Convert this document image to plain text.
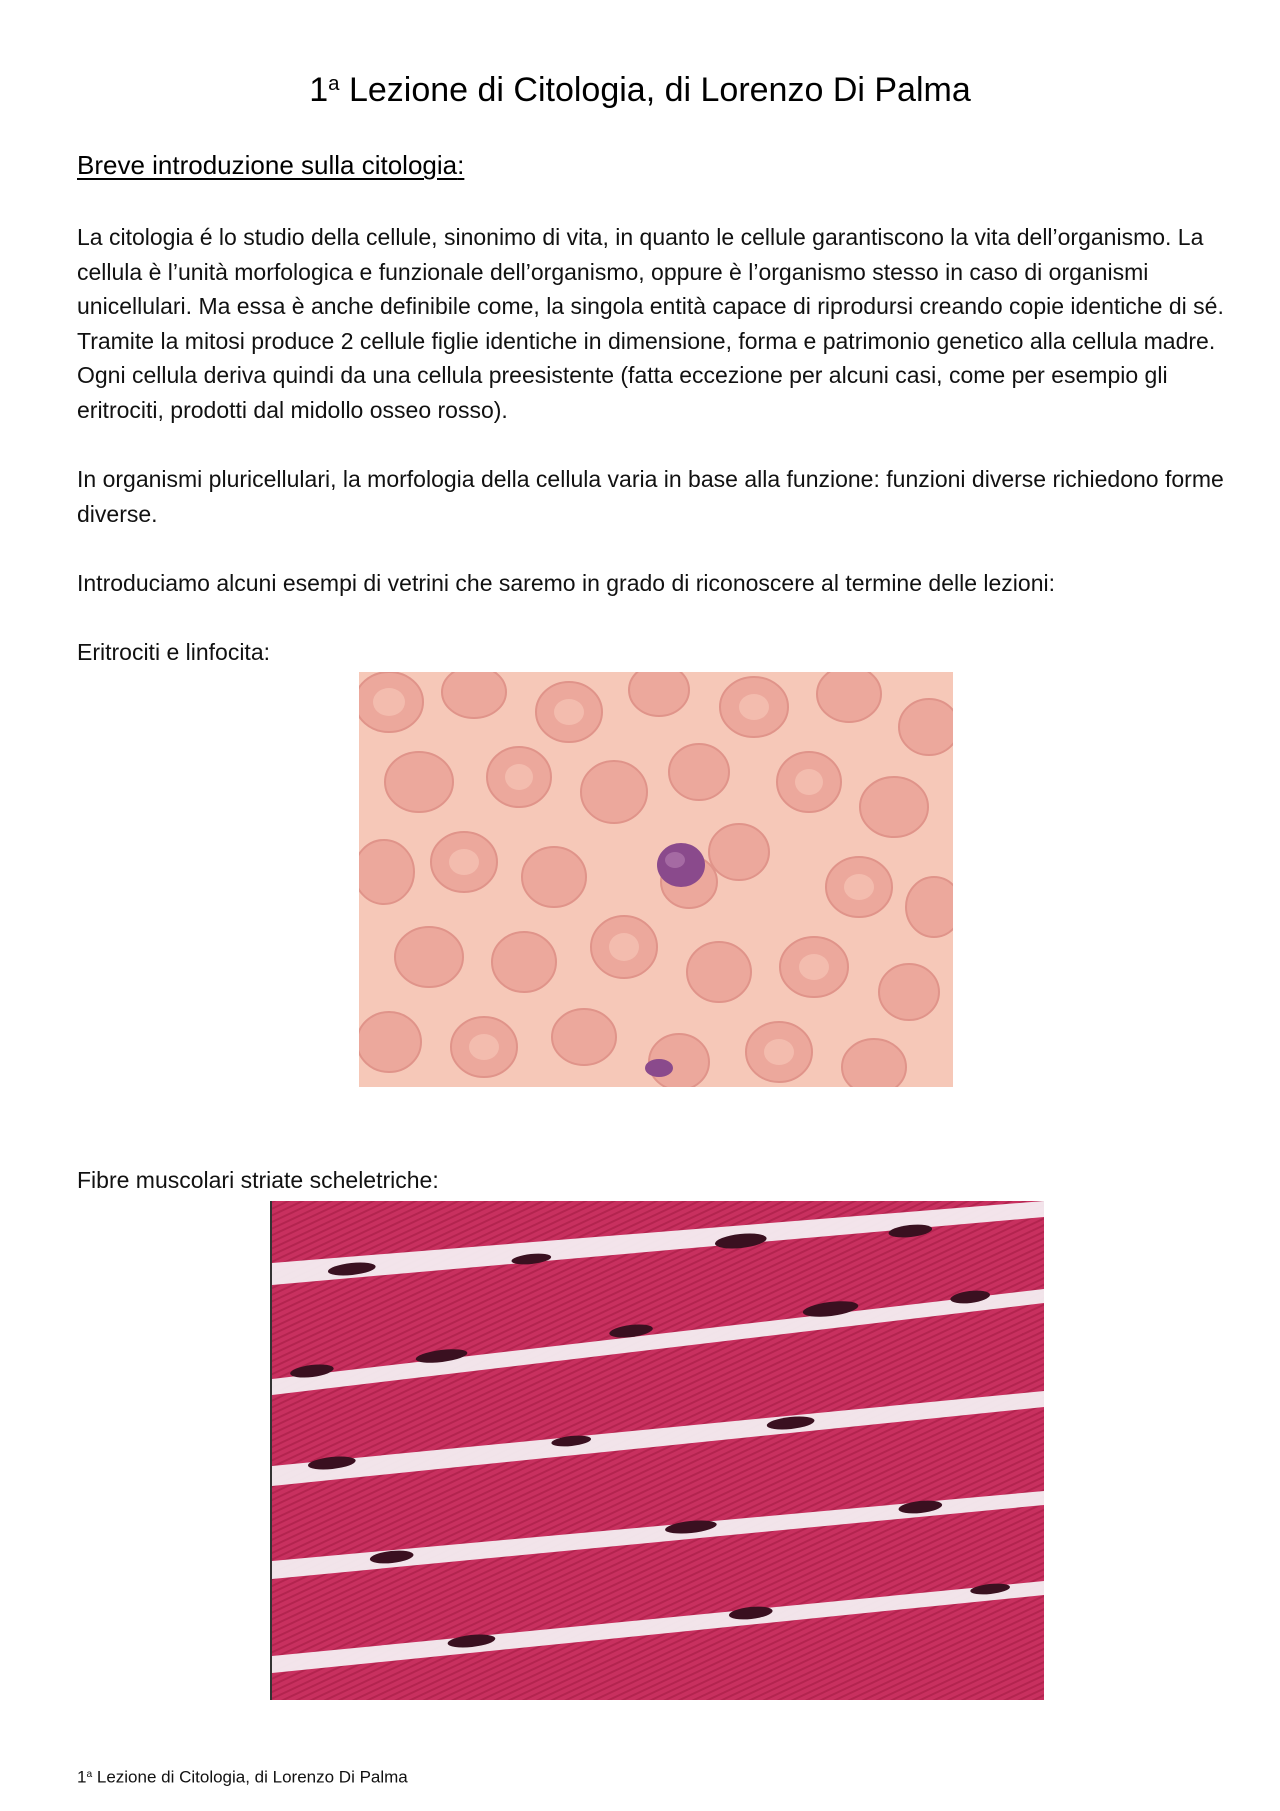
1$^a$ Lezione di Citologia, di Lorenzo Di Palma
Breve introduzione sulla citologia:

La citologia é lo studio della cellule, sinonimo di vita, in quanto le cellule garantiscono la vita dell’organismo. La cellula è l’unità morfologica e funzionale dell’organismo, oppure è l’organismo stesso in caso di organismi unicellulari. Ma essa è anche definibile come, la singola entità capace di riprodursi creando copie identiche di sé. Tramite la mitosi produce 2 cellule figlie identiche in dimensione, forma e patrimonio genetico alla cellula madre. Ogni cellula deriva quindi da una cellula preesistente (fatta eccezione per alcuni casi, come per esempio gli eritrociti, prodotti dal midollo osseo rosso).

In organismi pluricellulari, la morfologia della cellula varia in base alla funzione: funzioni diverse richiedono forme diverse.

Introduciamo alcuni esempi di vetrini che saremo in grado di riconoscere al termine delle lezioni:

Eritrociti e linfocita:

Fibre muscolari striate scheletriche:

1$^a$ Lezione di Citologia, di Lorenzo Di Palma
